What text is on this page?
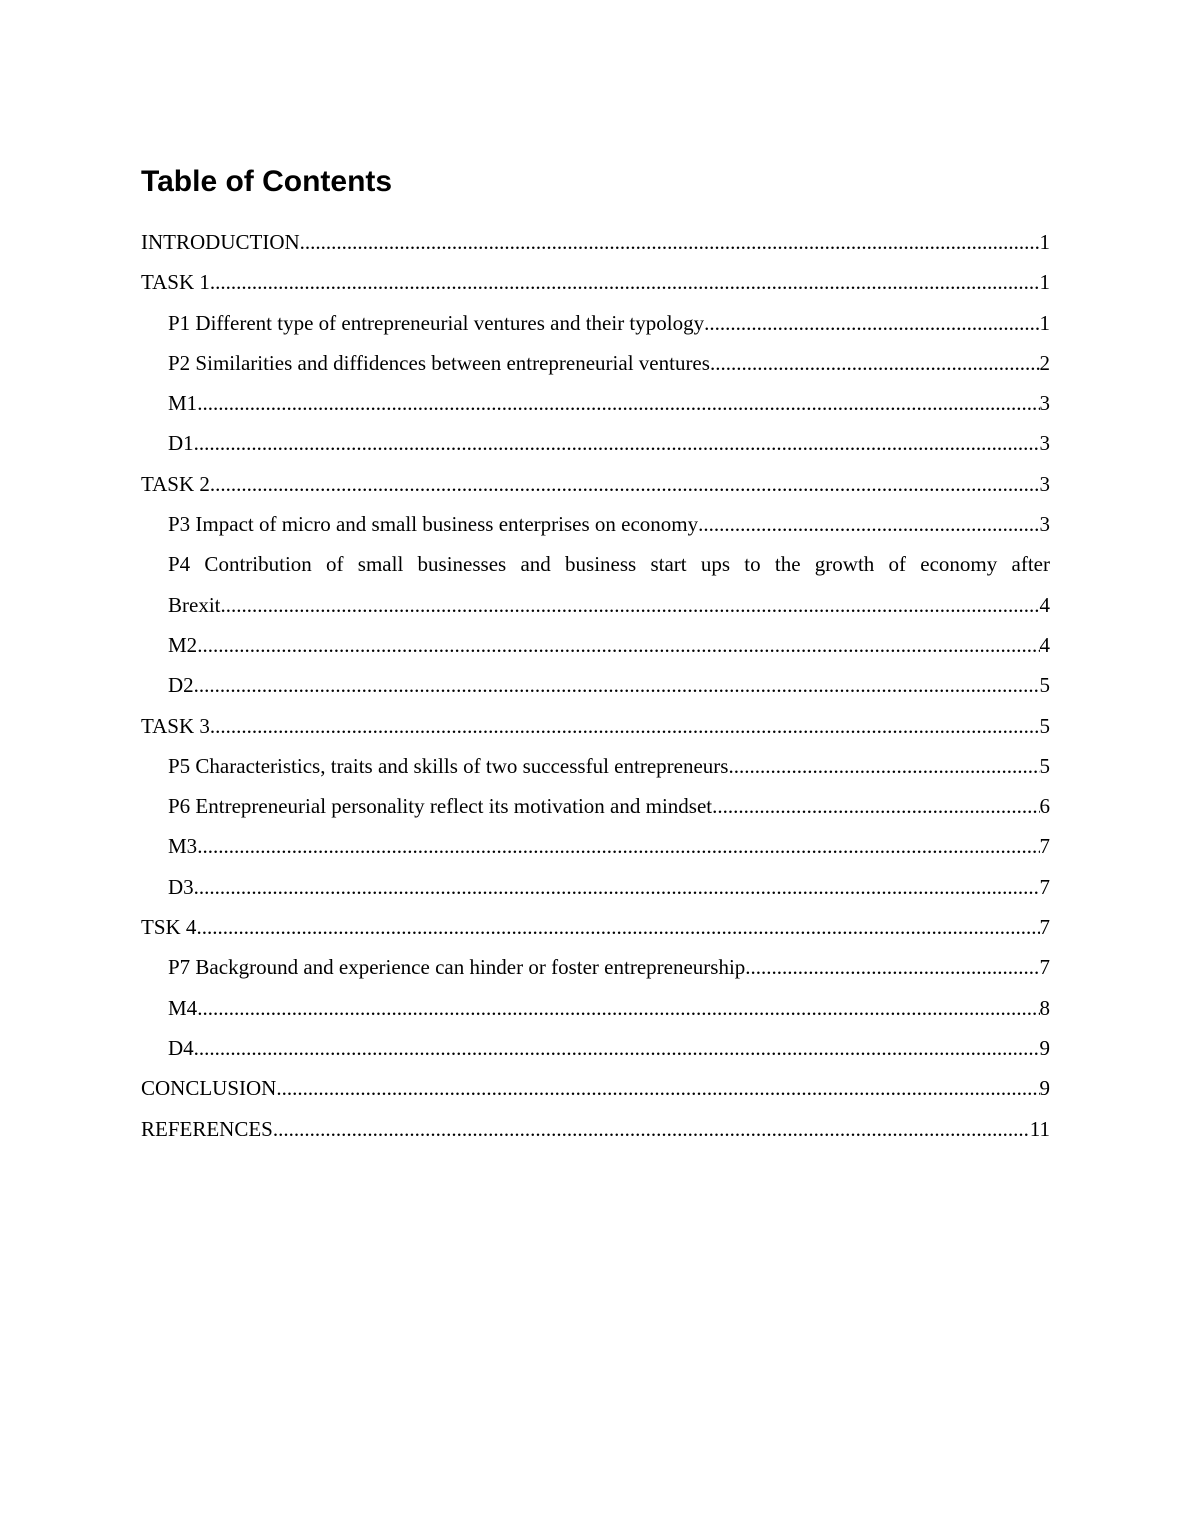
Table of Contents
INTRODUCTION .....	1
TASK 1 .....	1
P1 Different type of entrepreneurial ventures and their typology .....	1
P2 Similarities and diffidences between entrepreneurial ventures .....	2
M1 .....	3
D1 .....	3
TASK 2 .....	3
P3 Impact of micro and small business enterprises on economy .....	3
P4 Contribution of small businesses and business start ups to the growth of economy after
Brexit .....	4
M2 .....	4
D2 .....	5
TASK 3 .....	5
P5 Characteristics, traits and skills of two successful entrepreneurs .....	5
P6 Entrepreneurial personality reflect its motivation and mindset .....	6
M3 .....	7
D3 .....	7
TSK 4 .....	7
P7 Background and experience can hinder or foster entrepreneurship .....	7
M4 .....	8
D4 .....	9
CONCLUSION .....	9
REFERENCES .....	11
